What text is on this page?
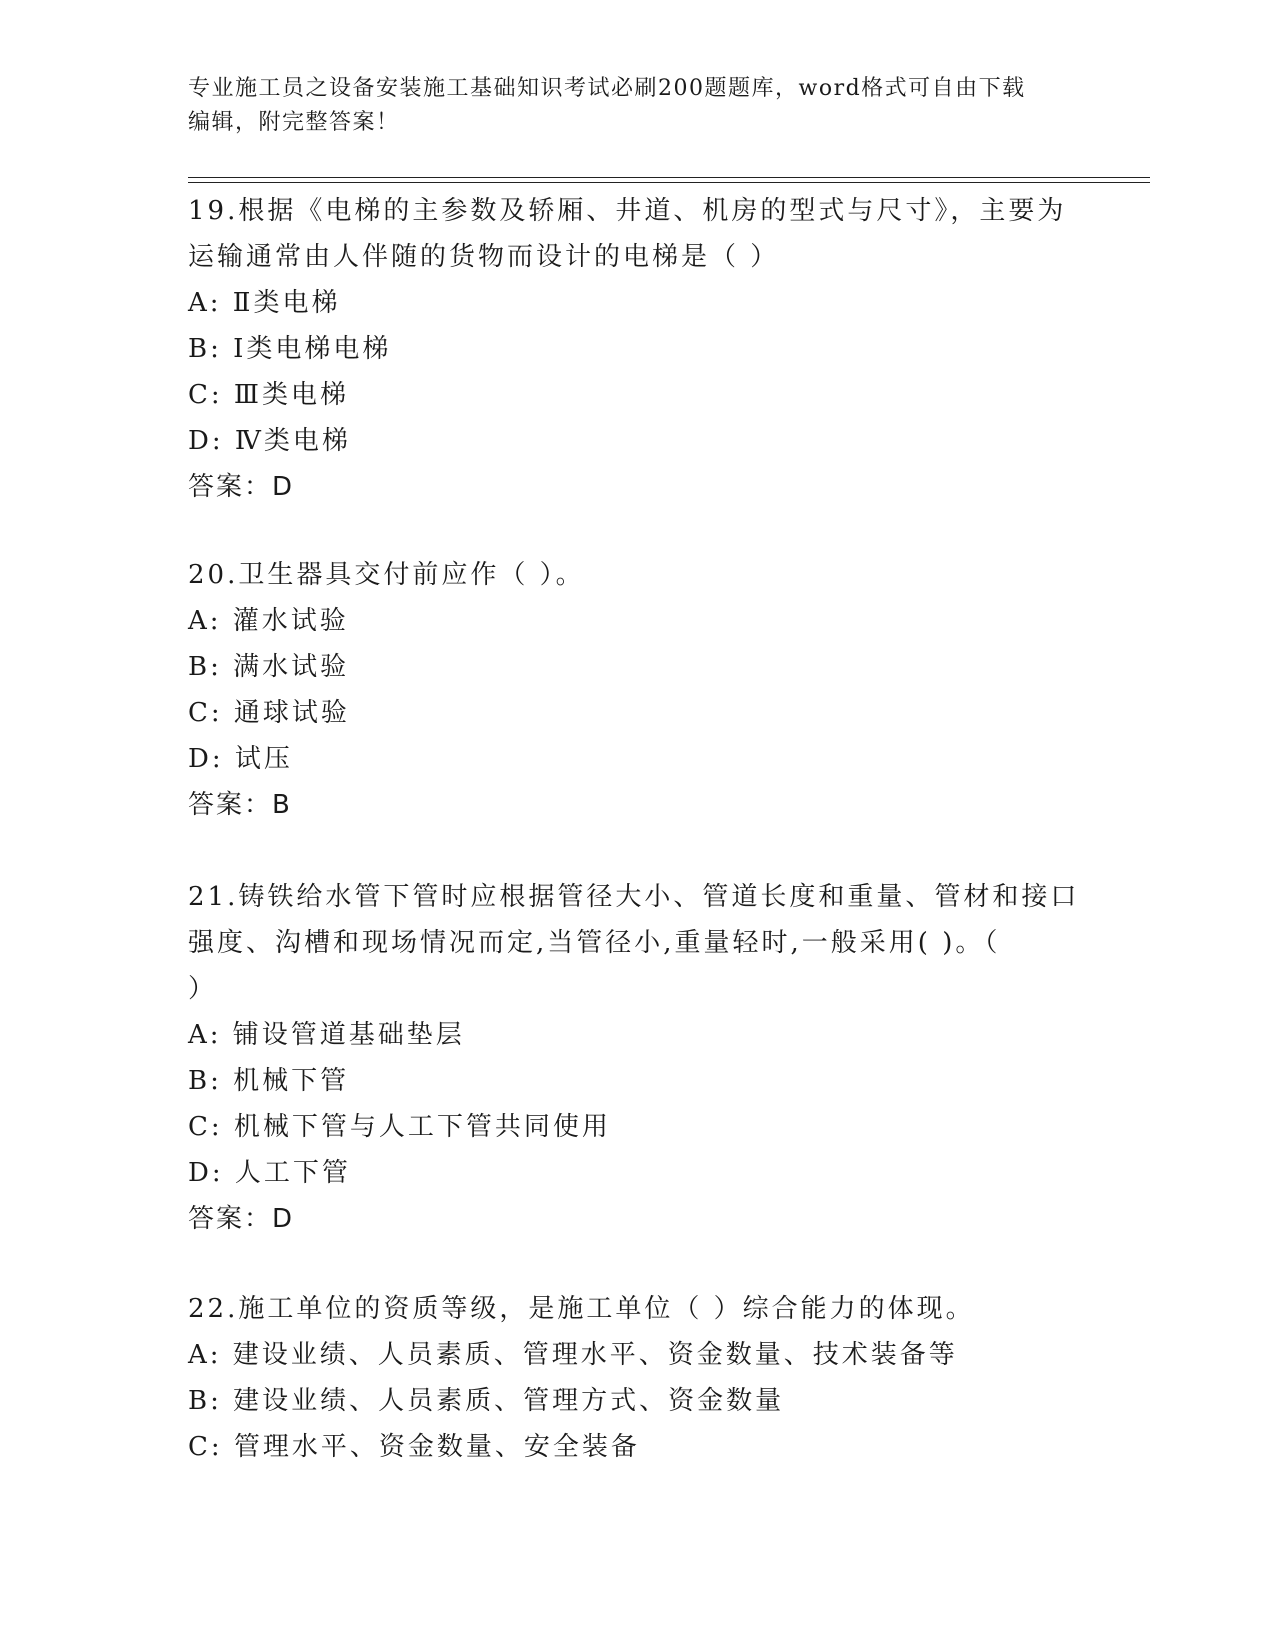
专业施工员之设备安装施工基础知识考试必刷200题题库，word格式可自由下载
编辑，附完整答案！
19.根据《电梯的主参数及轿厢、井道、机房的型式与尺寸》，主要为
运输通常由人伴随的货物而设计的电梯是（ ）
A: Ⅱ类电梯
B: Ⅰ类电梯电梯
C: Ⅲ类电梯
D: Ⅳ类电梯
答案：D
20.卫生器具交付前应作（ ）。
A: 灌水试验
B: 满水试验
C: 通球试验
D: 试压
答案：B
21.铸铁给水管下管时应根据管径大小、管道长度和重量、管材和接口
强度、沟槽和现场情况而定,当管径小,重量轻时,一般采用( )。（
）
A: 铺设管道基础垫层
B: 机械下管
C: 机械下管与人工下管共同使用
D: 人工下管
答案：D
22.施工单位的资质等级，是施工单位（ ）综合能力的体现。
A: 建设业绩、人员素质、管理水平、资金数量、技术装备等
B: 建设业绩、人员素质、管理方式、资金数量
C: 管理水平、资金数量、安全装备
